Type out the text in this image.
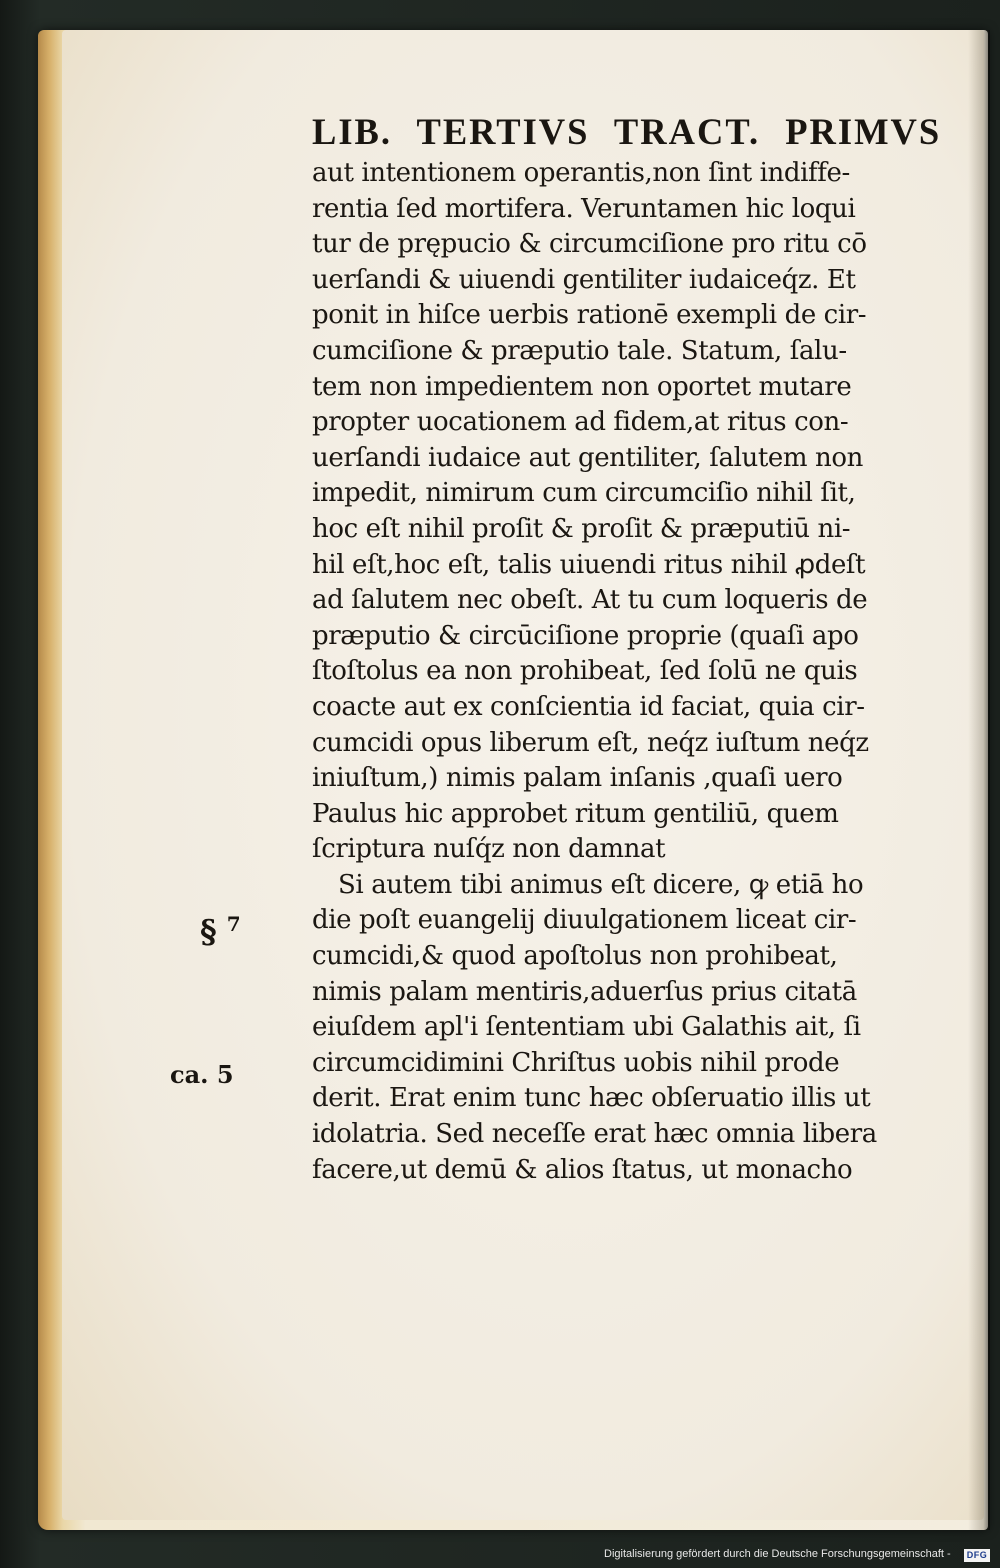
LIB. TERTIVS TRACT. PRIMVS

aut intentionem operantis,non ſint indiffe-

rentia ſed mortifera. Veruntamen hic loqui

tur de prępucio & circumciſione pro ritu cō

uerſandi & uiuendi gentiliter iudaiceq́z. Et

ponit in hiſce uerbis rationē exempli de cir-

cumciſione & præputio tale. Statum, ſalu-

tem non impedientem non oportet mutare

propter uocationem ad fidem,at ritus con-

uerſandi iudaice aut gentiliter, ſalutem non

impedit, nimirum cum circumciſio nihil ſit,

hoc eſt nihil proſit & proſit & præputiū ni-

hil eſt,hoc eſt, talis uiuendi ritus nihil ꝓdeſt

ad ſalutem nec obeſt. At tu cum loqueris de

præputio & circūciſione proprie (quaſi apo

ſtoſtolus ea non prohibeat, ſed ſolū ne quis

coacte aut ex conſcientia id faciat, quia cir-

cumcidi opus liberum eſt, neq́z iuſtum neq́z

iniuſtum,) nimis palam inſanis ,quaſi uero

Paulus hic approbet ritum gentiliū, quem

ſcriptura nuſq́z non damnat

Si autem tibi animus eſt dicere, ꝙ etiā ho

die poſt euangelij diuulgationem liceat cir-

cumcidi,& quod apoſtolus non prohibeat,

nimis palam mentiris,aduerſus prius citatā

eiuſdem apl'i ſententiam ubi Galathis ait, ſi

circumcidimini Chriſtus uobis nihil prode

derit. Erat enim tunc hæc obſeruatio illis ut

idolatria. Sed neceſſe erat hæc omnia libera

facere,ut demū & alios ſtatus, ut monacho

§ $^7$
ca. 5
Digitalisierung gefördert durch die Deutsche Forschungsgemeinschaft -	DFG
